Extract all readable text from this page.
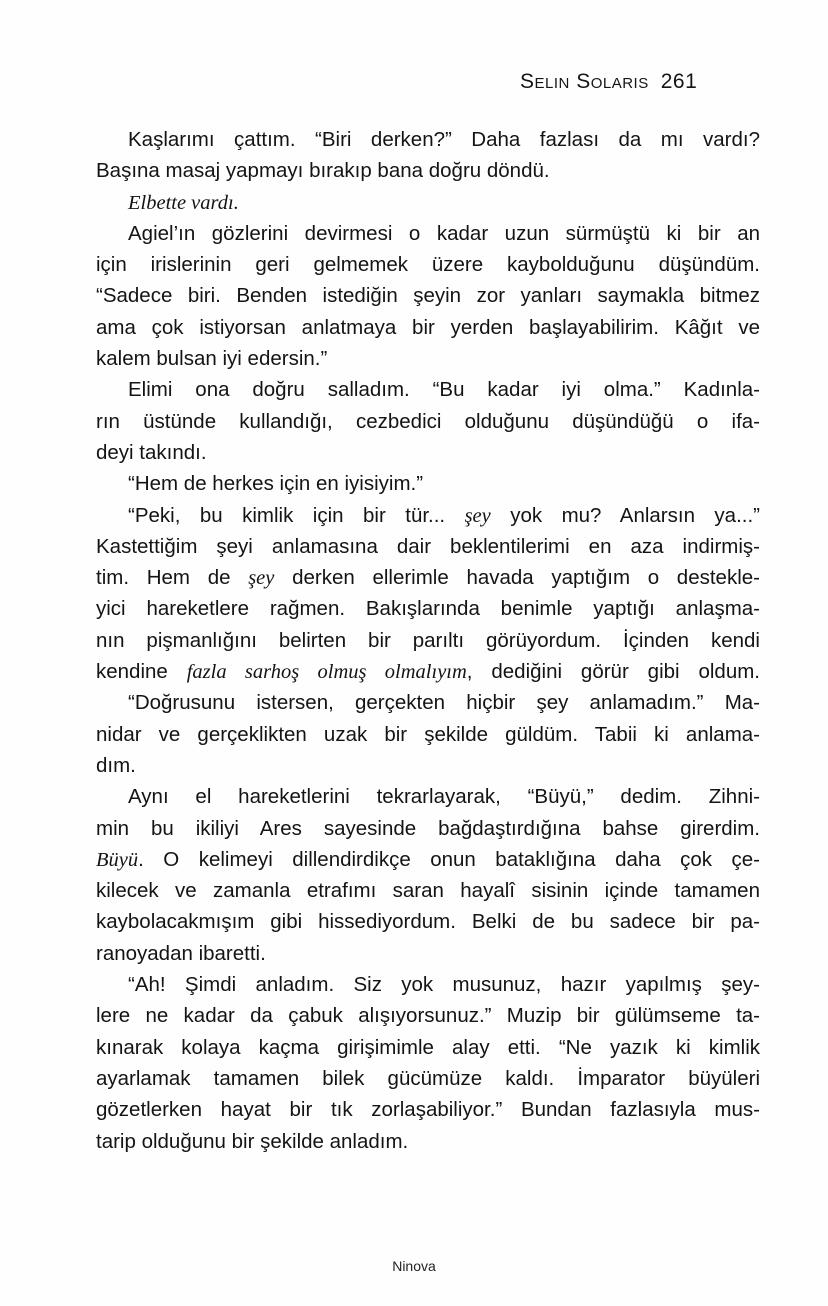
Selin Solaris 261
Kaşlarımı çattım. “Biri derken?” Daha fazlası da mı vardı?
Başına masaj yapmayı bırakıp bana doğru döndü.
Elbette vardı.
Agiel’ın gözlerini devirmesi o kadar uzun sürmüştü ki bir an
için irislerinin geri gelmemek üzere kaybolduğunu düşündüm.
“Sadece biri. Benden istediğin şeyin zor yanları saymakla bitmez
ama çok istiyorsan anlatmaya bir yerden başlayabilirim. Kâğıt ve
kalem bulsan iyi edersin.”
Elimi ona doğru salladım. “Bu kadar iyi olma.” Kadınla-
rın üstünde kullandığı, cezbedici olduğunu düşündüğü o ifa-
deyi takındı.
“Hem de herkes için en iyisiyim.”
“Peki, bu kimlik için bir tür... şey yok mu? Anlarsın ya...”
Kastettiğim şeyi anlamasına dair beklentilerimi en aza indirmiş-
tim. Hem de şey derken ellerimle havada yaptığım o destekle-
yici hareketlere rağmen. Bakışlarında benimle yaptığı anlaşma-
nın pişmanlığını belirten bir parıltı görüyordum. İçinden kendi
kendine fazla sarhoş olmuş olmalıyım, dediğini görür gibi oldum.
“Doğrusunu istersen, gerçekten hiçbir şey anlamadım.” Ma-
nidar ve gerçeklikten uzak bir şekilde güldüm. Tabii ki anlama-
dım.
Aynı el hareketlerini tekrarlayarak, “Büyü,” dedim. Zihni-
min bu ikiliyi Ares sayesinde bağdaştırdığına bahse girerdim.
Büyü. O kelimeyi dillendirdikçe onun bataklığına daha çok çe-
kilecek ve zamanla etrafımı saran hayalî sisinin içinde tamamen
kaybolacakmışım gibi hissediyordum. Belki de bu sadece bir pa-
ranoyadan ibaretti.
“Ah! Şimdi anladım. Siz yok musunuz, hazır yapılmış şey-
lere ne kadar da çabuk alışıyorsunuz.” Muzip bir gülümseme ta-
kınarak kolaya kaçma girişimimle alay etti. “Ne yazık ki kimlik
ayarlamak tamamen bilek gücümüze kaldı. İmparator büyüleri
gözetlerken hayat bir tık zorlaşabiliyor.” Bundan fazlasıyla mus-
tarip olduğunu bir şekilde anladım.
Ninova
